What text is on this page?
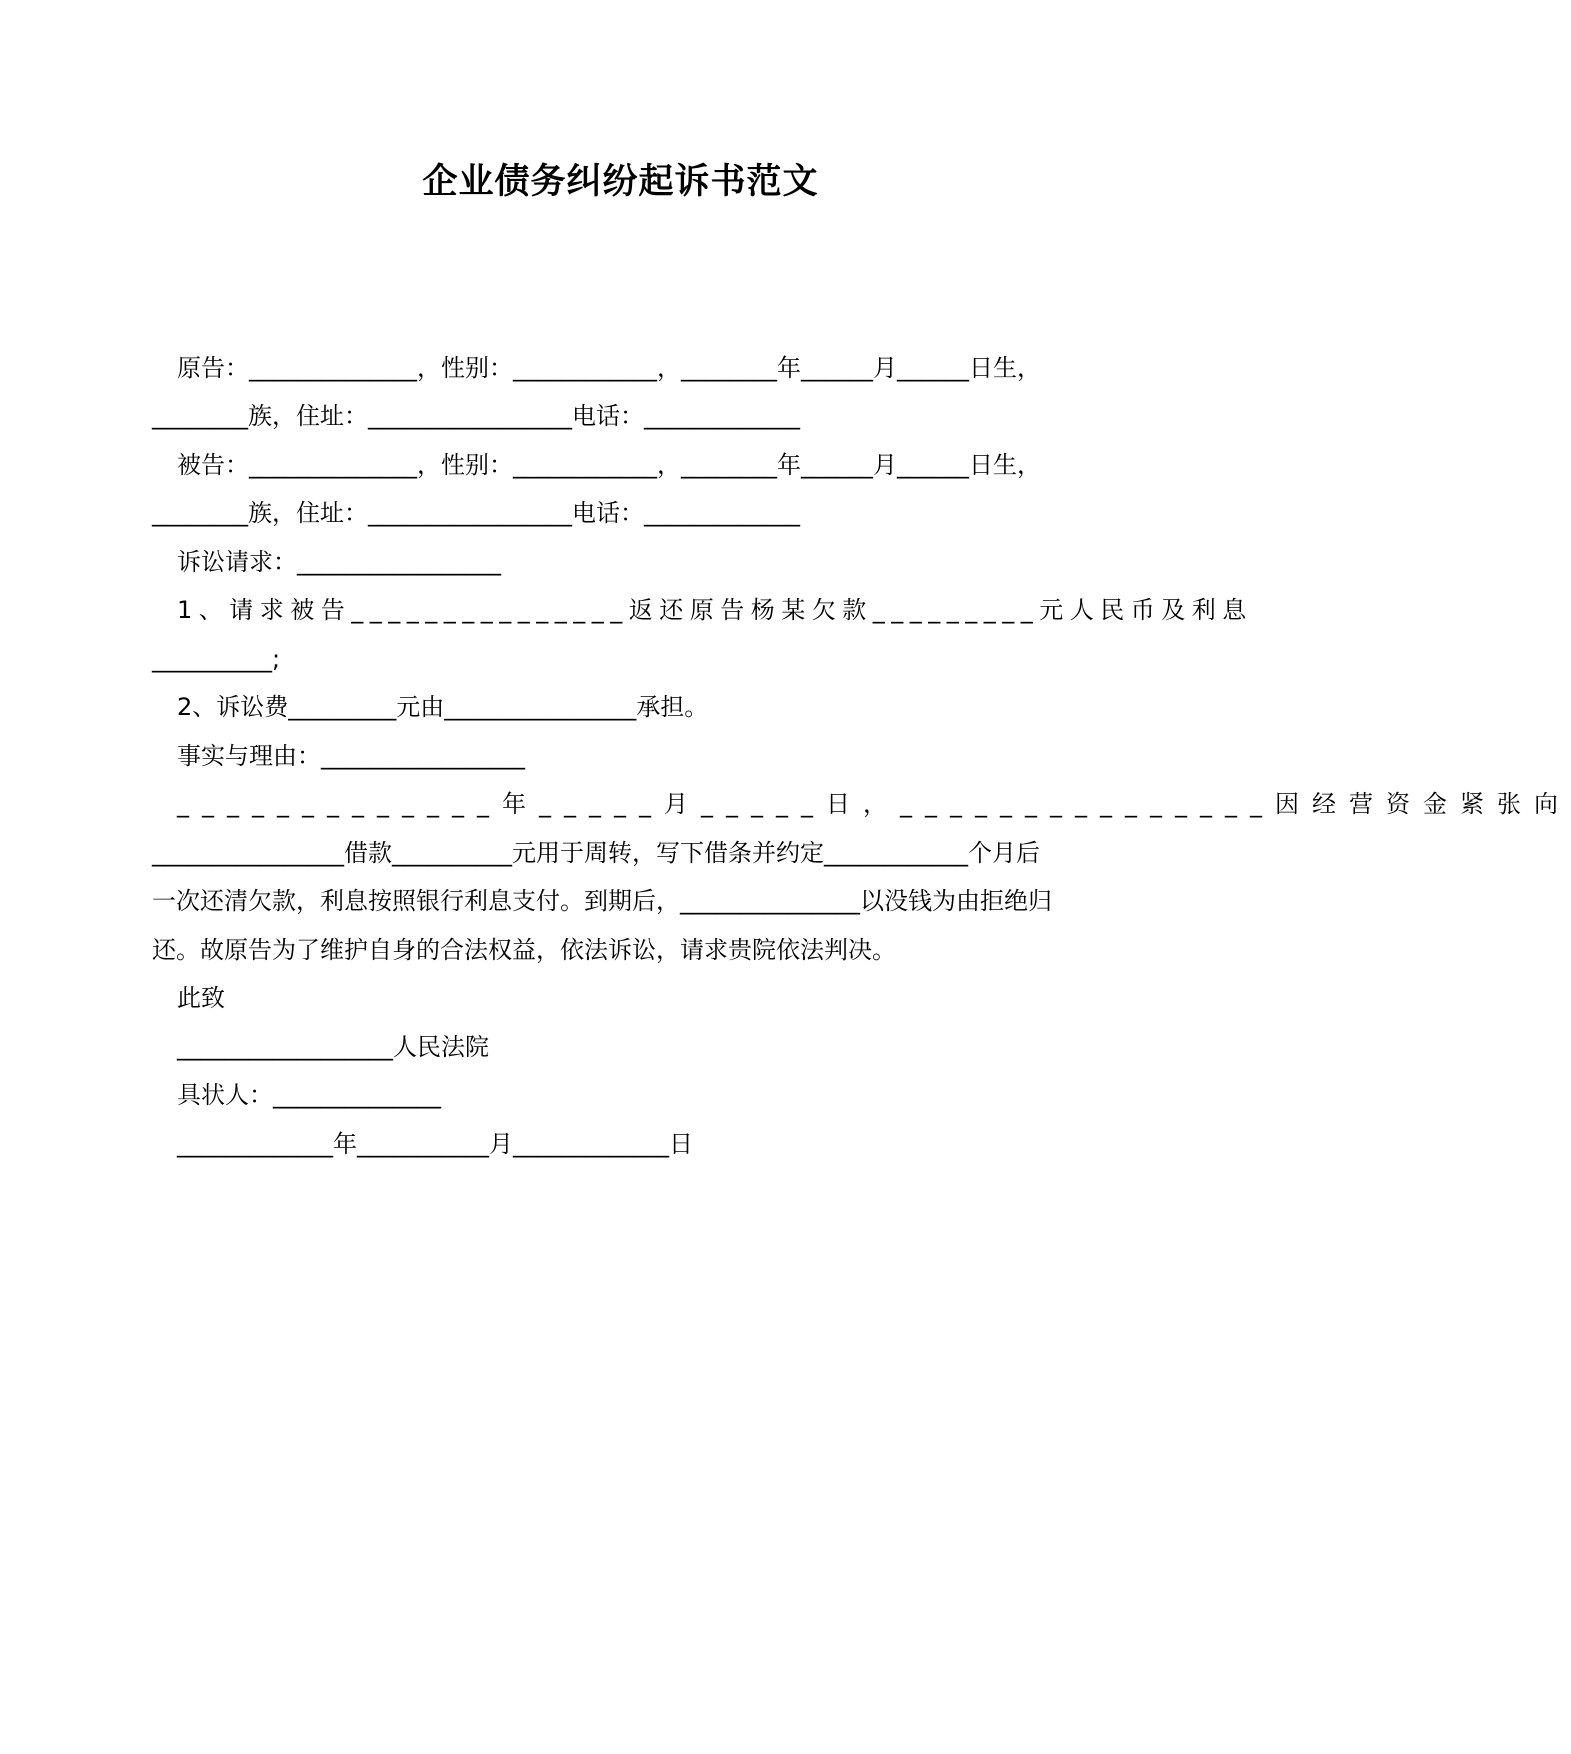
企业债务纠纷起诉书范文

原告：______________，性别：____________，________年______月______日生，

________族，住址：_________________电话：_____________

被告：______________，性别：____________，________年______月______日生，

________族，住址：_________________电话：_____________

诉讼请求：_________________

1、请求被告_______________返还原告杨某欠款_________元人民币及利息

__________;

2、诉讼费_________元由________________承担。

事实与理由：_________________

_____________年_____月_____日，_______________因经营资金紧张向

________________借款__________元用于周转，写下借条并约定____________个月后

一次还清欠款，利息按照银行利息支付。到期后，_______________以没钱为由拒绝归

还。故原告为了维护自身的合法权益，依法诉讼，请求贵院依法判决。

此致

__________________人民法院

具状人：______________

_____________年___________月_____________日
